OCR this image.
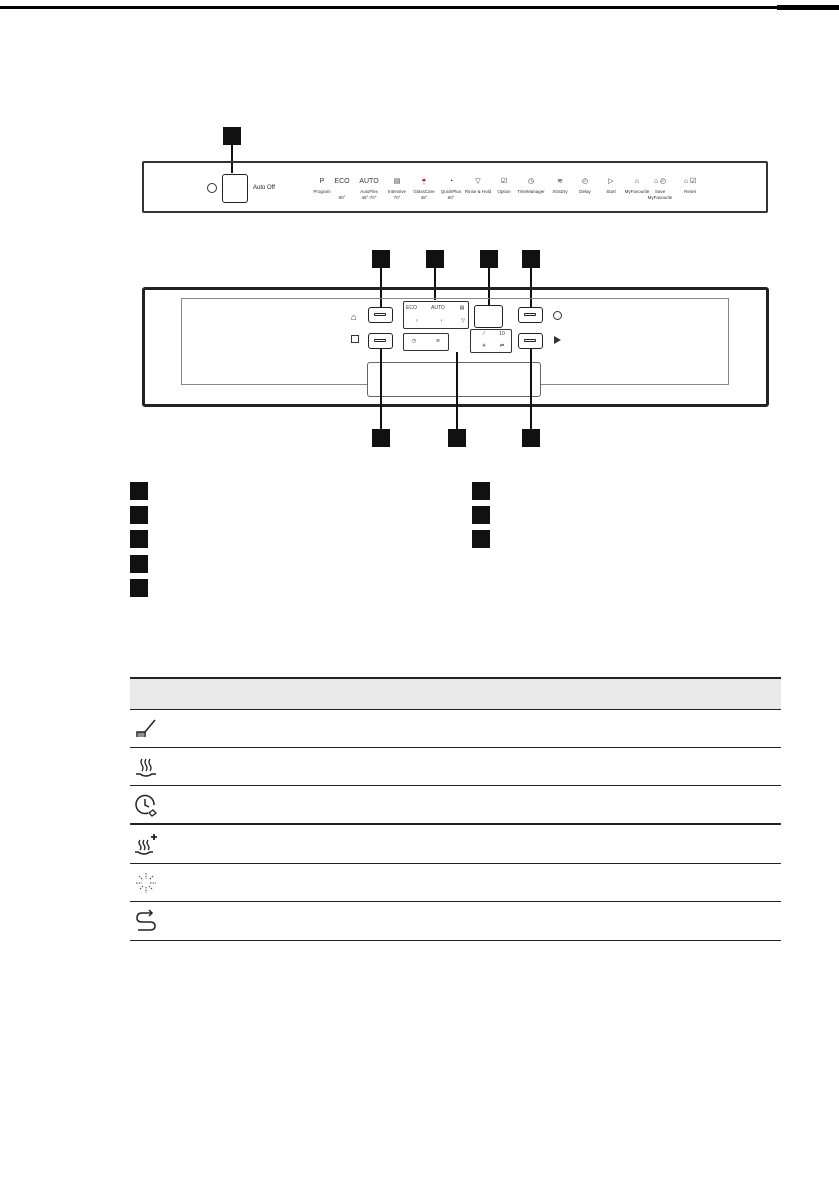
Auto Off
P
Program
ECO
50°
AUTO
AutoFlex
45°-70°
▤
Intensive
70°
🍷
GlassCare
45°
◔
QuickPlus
60°
▽
Rinse & Hold
☑
Option
◷
TimeManager
≋
XtraDry
◴
Delay
▷
Start
⌂
MyFavourite
⌂ ◴
Save
MyFavourite
⌂ ☑
Reset
⌂
ECO	AUTO	▤
♀	◔	▽
◷	≋
⁄	10
✳	⇄
